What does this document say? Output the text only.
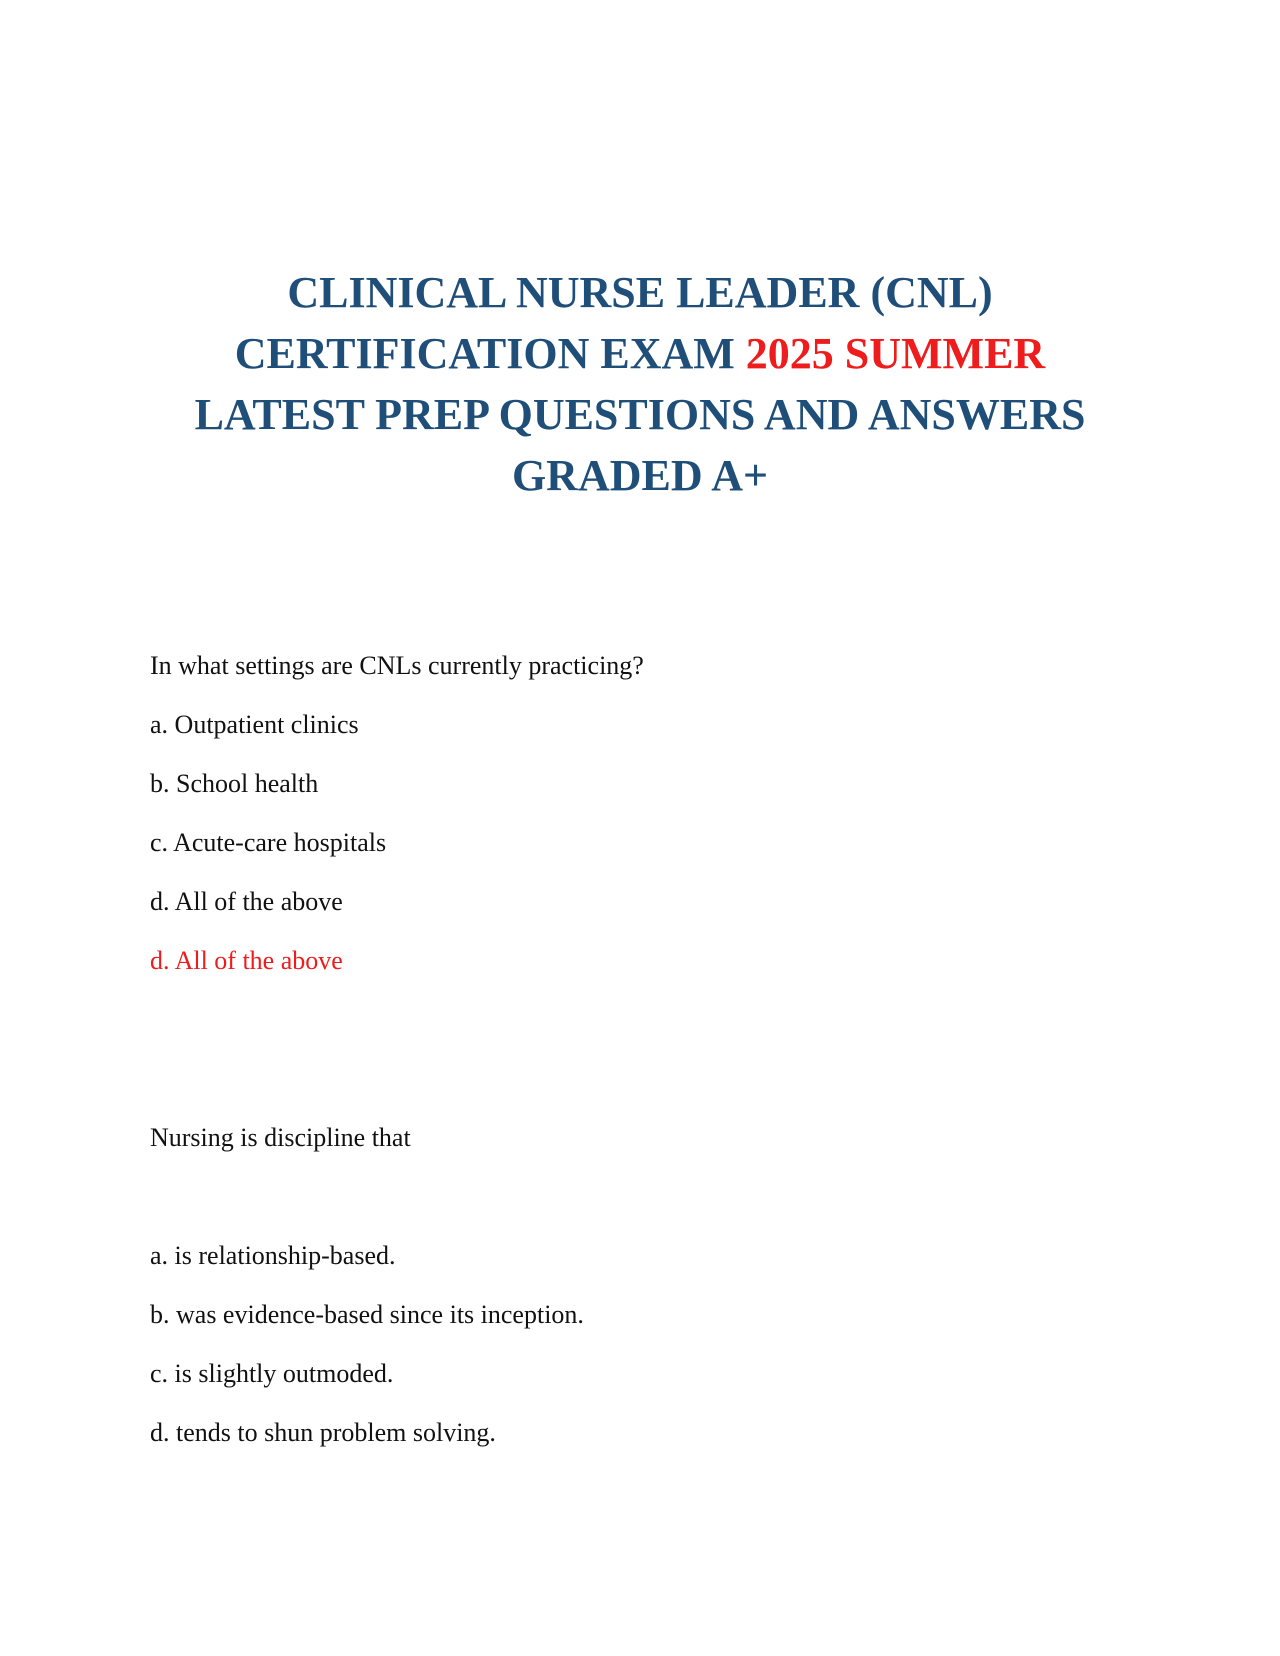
CLINICAL NURSE LEADER (CNL)
CERTIFICATION EXAM 2025 SUMMER
LATEST PREP QUESTIONS AND ANSWERS
GRADED A+

In what settings are CNLs currently practicing?

a. Outpatient clinics

b. School health

c. Acute-care hospitals

d. All of the above

d. All of the above

Nursing is discipline that

a. is relationship-based.

b. was evidence-based since its inception.

c. is slightly outmoded.

d. tends to shun problem solving.
